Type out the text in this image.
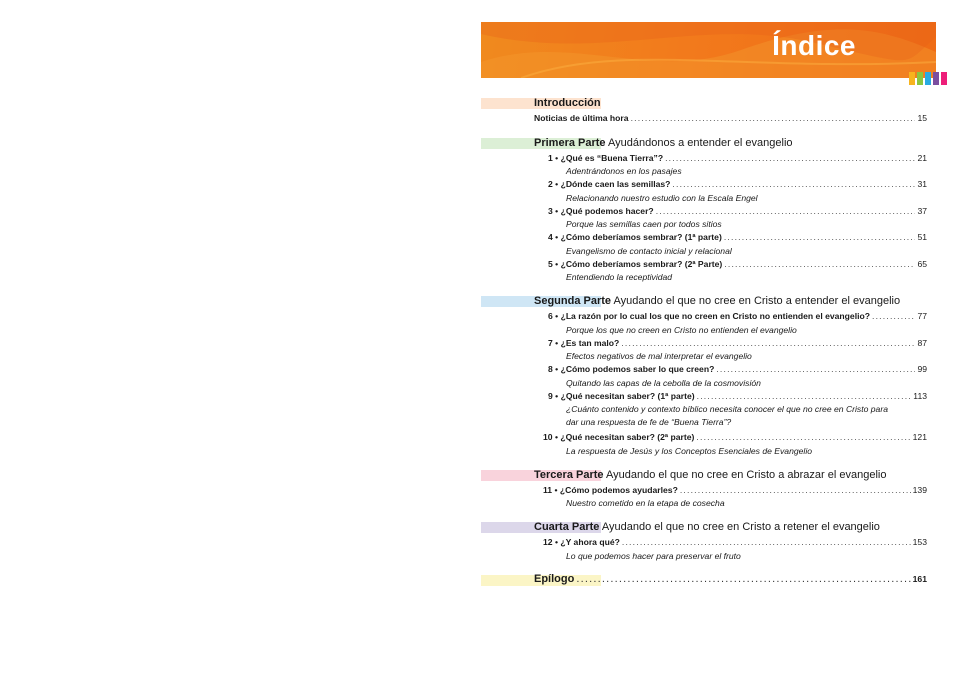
Índice
Introducción
Noticias de última hora .....	15
Primera Parte Ayudándonos a entender el evangelio
1 • ¿Qué es “Buena Tierra”? .....	21
Adentrándonos en los pasajes
2 • ¿Dónde caen las semillas? .....	31
Relacionando nuestro estudio con la Escala Engel
3 • ¿Qué podemos hacer? .....	37
Porque las semillas caen por todos sitios
4 • ¿Cómo deberíamos sembrar? (1ª parte) .....	51
Evangelismo de contacto inicial y relacional
5 • ¿Cómo deberíamos sembrar? (2ª Parte) .....	65
Entendiendo la receptividad
Segunda Parte Ayudando el que no cree en Cristo a entender el evangelio
6 • ¿La razón por lo cual los que no creen en Cristo no entienden el evangelio? .....	77
Porque los que no creen en Cristo no entienden el evangelio
7 • ¿Es tan malo? .....	87
Efectos negativos de mal interpretar el evangelio
8 • ¿Cómo podemos saber lo que creen? .....	99
Quitando las capas de la cebolla de la cosmovisión
9 • ¿Qué necesitan saber? (1ª parte) .....	113
¿Cuánto contenido y contexto bíblico necesita conocer el que no cree en Cristo para
dar una respuesta de fe de “Buena Tierra”?
10 • ¿Qué necesitan saber? (2ª parte) .....	121
La respuesta de Jesús y los Conceptos Esenciales de Evangelio
Tercera Parte Ayudando el que no cree en Cristo a abrazar el evangelio
11 • ¿Cómo podemos ayudarles? .....	139
Nuestro cometido en la etapa de cosecha
Cuarta Parte Ayudando el que no cree en Cristo a retener el evangelio
12 • ¿Y ahora qué? .....	153
Lo que podemos hacer para preservar el fruto
Epílogo .....	161
